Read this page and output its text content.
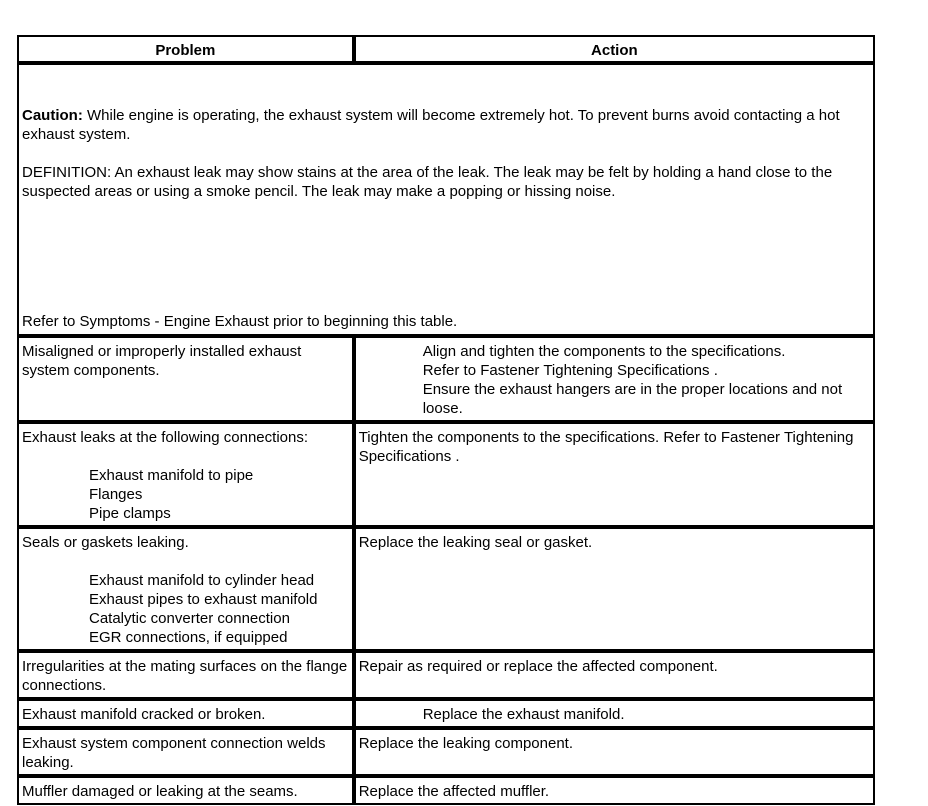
Problem	Action

Caution: While engine is operating, the exhaust system will become extremely hot. To prevent burns avoid contacting a hot exhaust system.

DEFINITION: An exhaust leak may show stains at the area of the leak. The leak may be felt by holding a hand close to the suspected areas or using a smoke pencil. The leak may make a popping or hissing noise.

Refer to Symptoms - Engine Exhaust prior to beginning this table.	

Misaligned or improperly installed exhaust system components.	Align and tighten the components to the specifications.
Refer to Fastener Tightening Specifications .
Ensure the exhaust hangers are in the proper locations and not loose.

Exhaust leaks at the following connections:
Exhaust manifold to pipe
Flanges
Pipe clamps	Tighten the components to the specifications. Refer to Fastener Tightening Specifications .

Seals or gaskets leaking.
Exhaust manifold to cylinder head
Exhaust pipes to exhaust manifold
Catalytic converter connection
EGR connections, if equipped	Replace the leaking seal or gasket.
Irregularities at the mating surfaces on the flange connections.	Repair as required or replace the affected component.
Exhaust manifold cracked or broken.	Replace the exhaust manifold.
Exhaust system component connection welds leaking.	Replace the leaking component.
Muffler damaged or leaking at the seams.	Replace the affected muffler.
